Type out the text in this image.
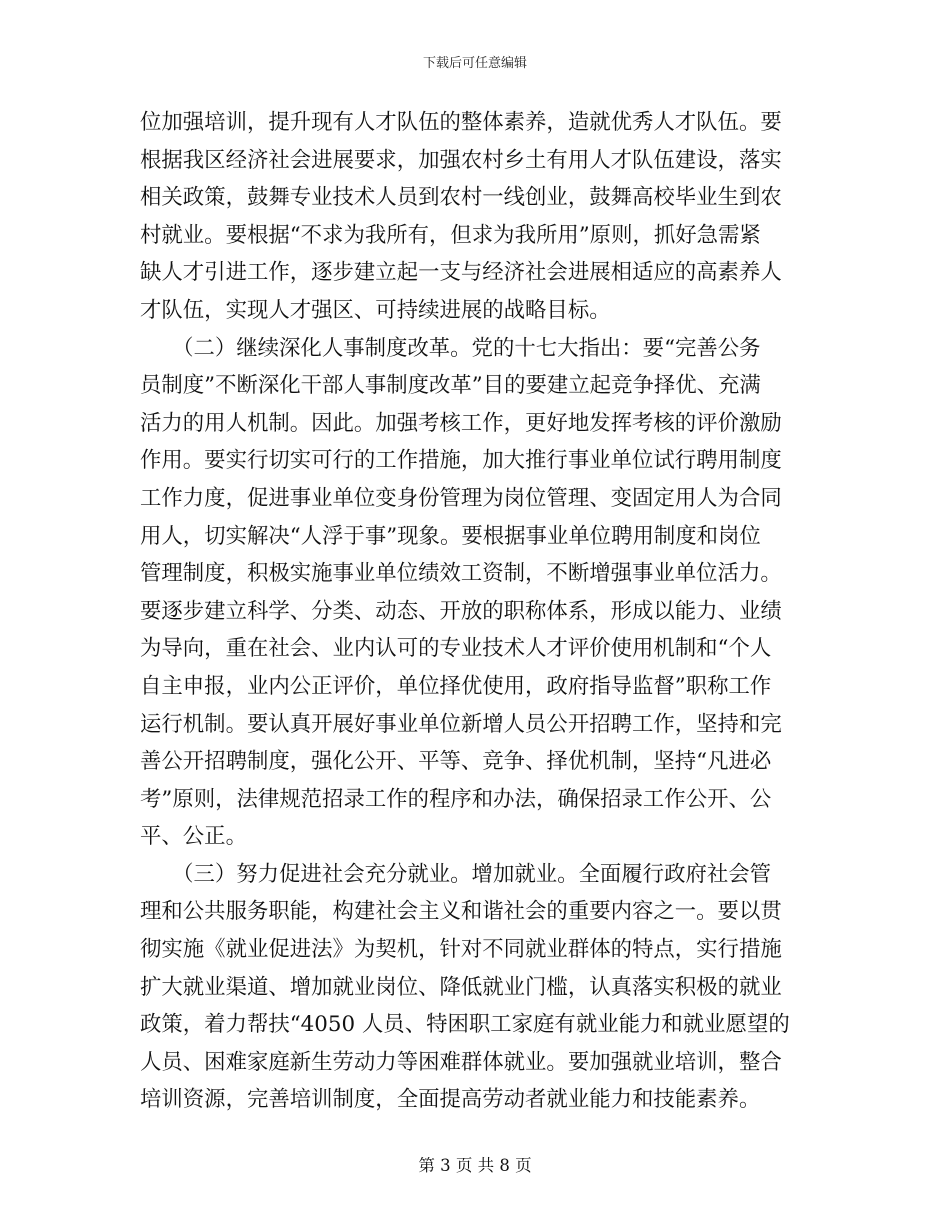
下载后可任意编辑
位加强培训，提升现有人才队伍的整体素养，造就优秀人才队伍。要
根据我区经济社会进展要求，加强农村乡土有用人才队伍建设，落实
相关政策，鼓舞专业技术人员到农村一线创业，鼓舞高校毕业生到农
村就业。要根据“不求为我所有，但求为我所用”原则，抓好急需紧
缺人才引进工作，逐步建立起一支与经济社会进展相适应的高素养人
才队伍，实现人才强区、可持续进展的战略目标。
　　（二）继续深化人事制度改革。党的十七大指出：要“完善公务
员制度”不断深化干部人事制度改革”目的要建立起竞争择优、充满
活力的用人机制。因此。加强考核工作，更好地发挥考核的评价激励
作用。要实行切实可行的工作措施，加大推行事业单位试行聘用制度
工作力度，促进事业单位变身份管理为岗位管理、变固定用人为合同
用人，切实解决“人浮于事”现象。要根据事业单位聘用制度和岗位
管理制度，积极实施事业单位绩效工资制，不断增强事业单位活力。
要逐步建立科学、分类、动态、开放的职称体系，形成以能力、业绩
为导向，重在社会、业内认可的专业技术人才评价使用机制和“个人
自主申报，业内公正评价，单位择优使用，政府指导监督”职称工作
运行机制。要认真开展好事业单位新增人员公开招聘工作，坚持和完
善公开招聘制度，强化公开、平等、竞争、择优机制，坚持“凡进必
考”原则，法律规范招录工作的程序和办法，确保招录工作公开、公
平、公正。
　　（三）努力促进社会充分就业。增加就业。全面履行政府社会管
理和公共服务职能，构建社会主义和谐社会的重要内容之一。要以贯
彻实施《就业促进法》为契机，针对不同就业群体的特点，实行措施
扩大就业渠道、增加就业岗位、降低就业门槛，认真落实积极的就业
政策，着力帮扶“4050 人员、特困职工家庭有就业能力和就业愿望的
人员、困难家庭新生劳动力等困难群体就业。要加强就业培训，整合
培训资源，完善培训制度，全面提高劳动者就业能力和技能素养。
第 3 页 共 8 页
